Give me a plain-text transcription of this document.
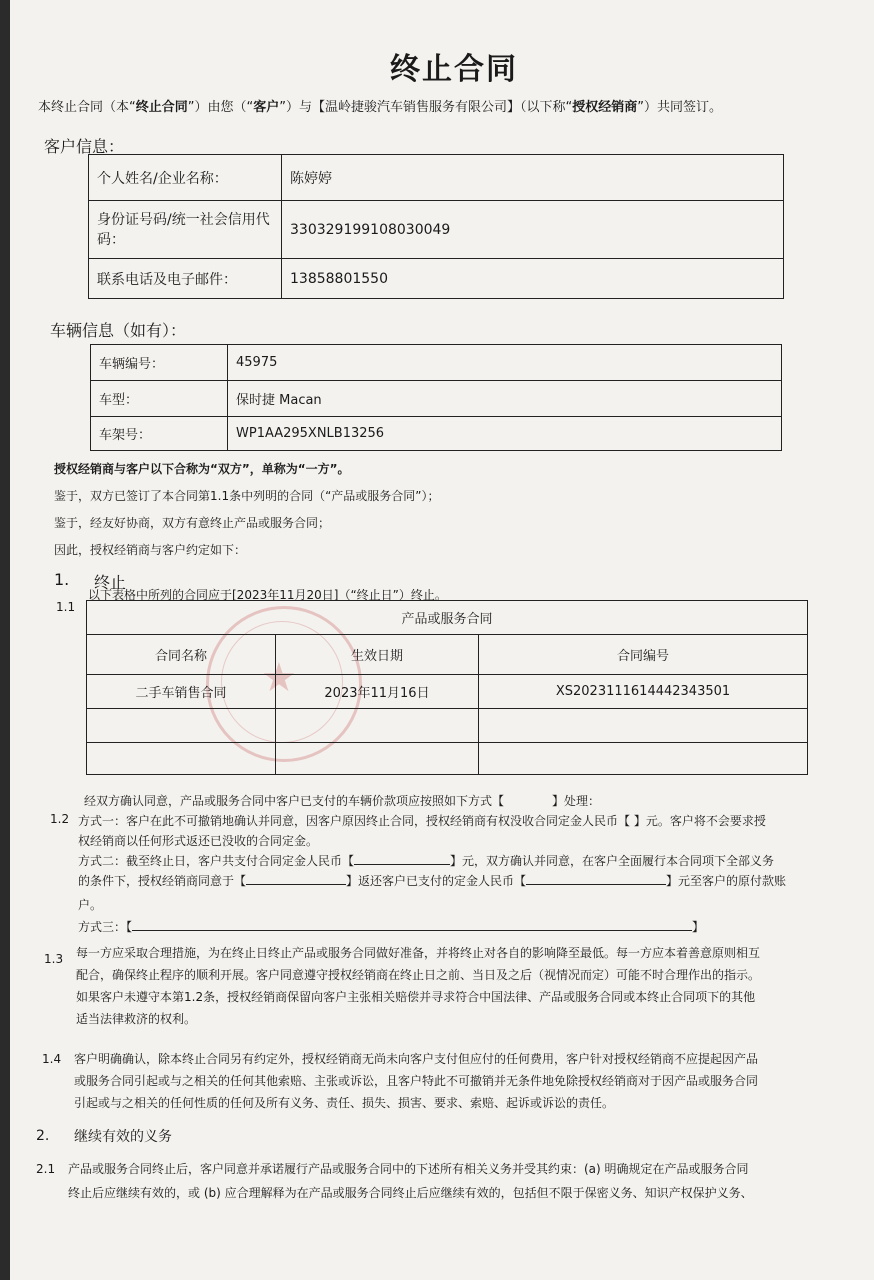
★
终止合同
本终止合同（本“终止合同”）由您（“客户”）与【温岭捷骏汽车销售服务有限公司】（以下称“授权经销商”）共同签订。
客户信息：
个人姓名/企业名称：	陈婷婷
身份证号码/统一社会信用代码：	330329199108030049
联系电话及电子邮件：	13858801550
车辆信息（如有）：
车辆编号：	45975
车型：	保时捷 Macan
车架号：	WP1AA295XNLB13256
授权经销商与客户以下合称为“双方”，单称为“一方”。
鉴于，双方已签订了本合同第1.1条中列明的合同（“产品或服务合同”）；
鉴于，经友好协商，双方有意终止产品或服务合同；
因此，授权经销商与客户约定如下：
1. 终止
1.1
以下表格中所列的合同应于[2023年11月20日]（“终止日”）终止。
产品或服务合同		
合同名称	生效日期	合同编号
二手车销售合同	2023年11月16日	XS2023111614442343501

1.2
经双方确认同意，产品或服务合同中客户已支付的车辆价款项应按照如下方式【　　　　】处理：
方式一：客户在此不可撤销地确认并同意，因客户原因终止合同，授权经销商有权没收合同定金人民币【 】元。客户将不会要求授
权经销商以任何形式返还已没收的合同定金。
方式二：截至终止日，客户共支付合同定金人民币【	】元，双方确认并同意，在客户全面履行本合同项下全部义务
的条件下，授权经销商同意于【	】返还客户已支付的定金人民币【	】元至客户的原付款账
户。
方式三：【	】
1.3 每一方应采取合理措施，为在终止日终止产品或服务合同做好准备，并将终止对各自的影响降至最低。每一方应本着善意原则相互
配合，确保终止程序的顺利开展。客户同意遵守授权经销商在终止日之前、当日及之后（视情况而定）可能不时合理作出的指示。
如果客户未遵守本第1.2条，授权经销商保留向客户主张相关赔偿并寻求符合中国法律、产品或服务合同或本终止合同项下的其他
适当法律救济的权利。
1.4 客户明确确认，除本终止合同另有约定外，授权经销商无尚未向客户支付但应付的任何费用，客户针对授权经销商不应提起因产品
或服务合同引起或与之相关的任何其他索赔、主张或诉讼，且客户特此不可撤销并无条件地免除授权经销商对于因产品或服务合同
引起或与之相关的任何性质的任何及所有义务、责任、损失、损害、要求、索赔、起诉或诉讼的责任。
2. 继续有效的义务
2.1 产品或服务合同终止后，客户同意并承诺履行产品或服务合同中的下述所有相关义务并受其约束：(a) 明确规定在产品或服务合同
终止后应继续有效的，或 (b) 应合理解释为在产品或服务合同终止后应继续有效的，包括但不限于保密义务、知识产权保护义务、
